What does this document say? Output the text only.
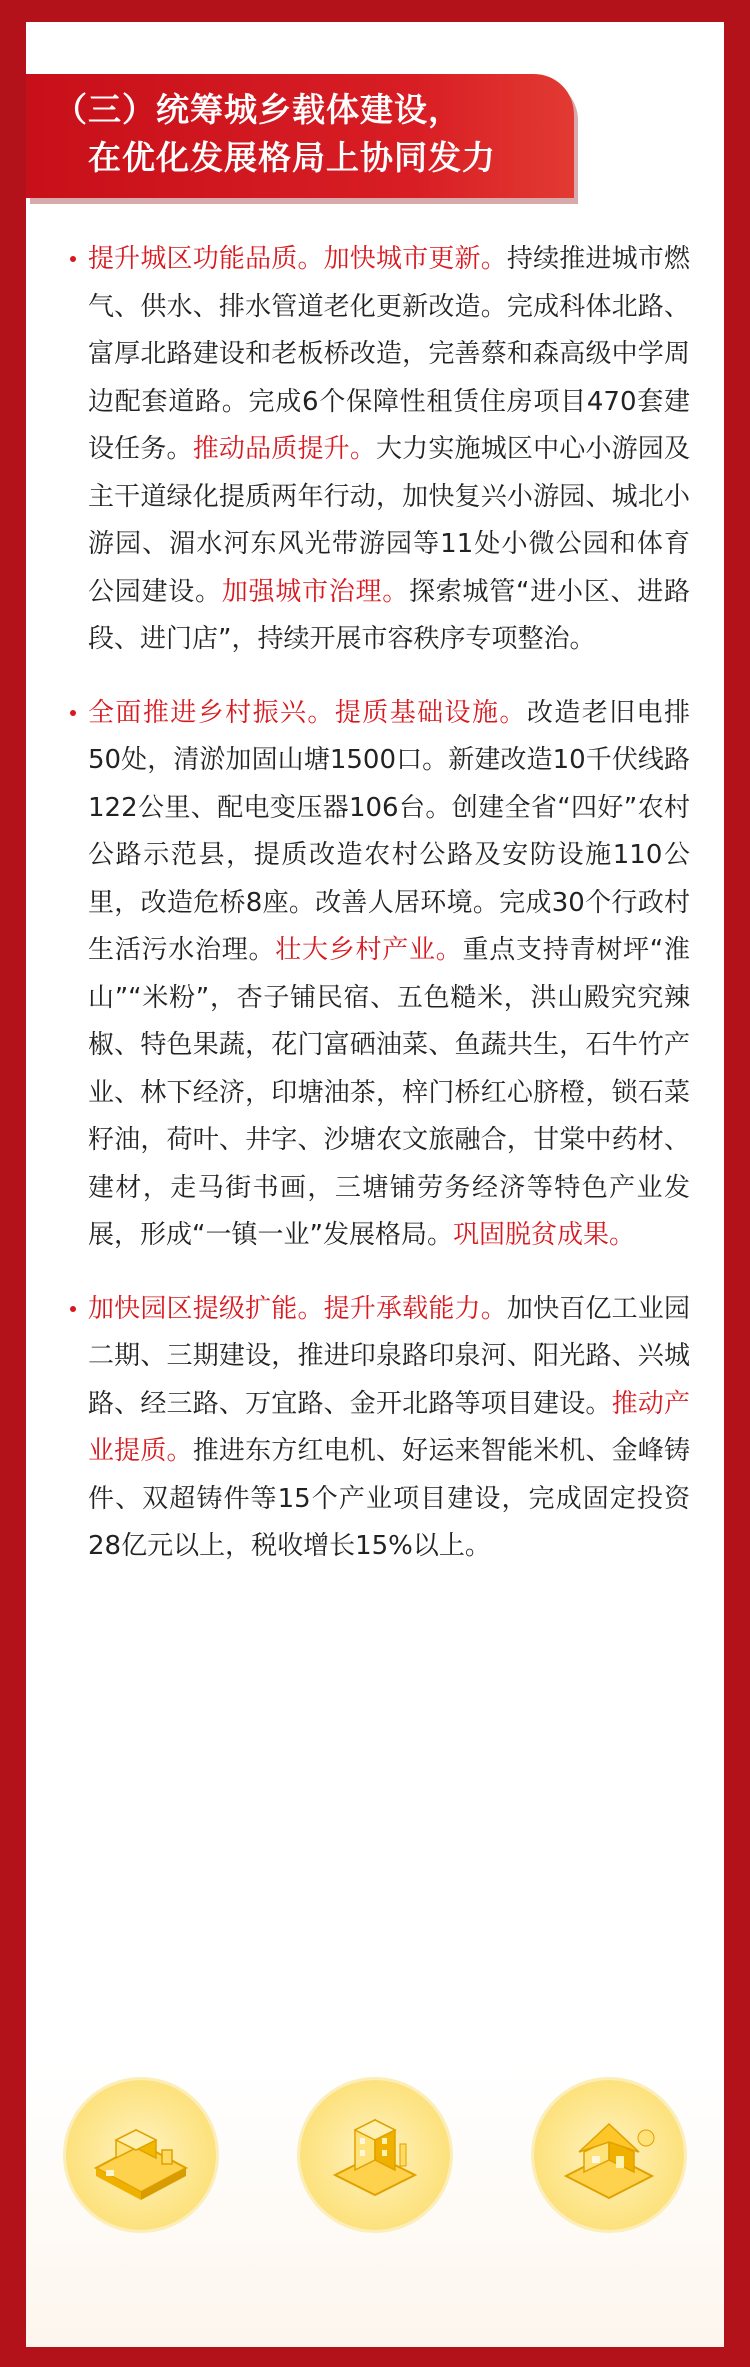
（三）统筹城乡载体建设，
在优化发展格局上协同发力
提升城区功能品质。加快城市更新。持续推进城市燃气、供水、排水管道老化更新改造。完成科体北路、富厚北路建设和老板桥改造，完善蔡和森高级中学周边配套道路。完成6个保障性租赁住房项目470套建设任务。推动品质提升。大力实施城区中心小游园及主干道绿化提质两年行动，加快复兴小游园、城北小游园、湄水河东风光带游园等11处小微公园和体育公园建设。加强城市治理。探索城管“进小区、进路段、进门店”，持续开展市容秩序专项整治。
全面推进乡村振兴。提质基础设施。改造老旧电排50处，清淤加固山塘1500口。新建改造10千伏线路122公里、配电变压器106台。创建全省“四好”农村公路示范县，提质改造农村公路及安防设施110公里，改造危桥8座。改善人居环境。完成30个行政村生活污水治理。壮大乡村产业。重点支持青树坪“淮山”“米粉”，杏子铺民宿、五色糙米，洪山殿究究辣椒、特色果蔬，花门富硒油菜、鱼蔬共生，石牛竹产业、林下经济，印塘油茶，梓门桥红心脐橙，锁石菜籽油，荷叶、井字、沙塘农文旅融合，甘棠中药材、建材，走马街书画，三塘铺劳务经济等特色产业发展，形成“一镇一业”发展格局。巩固脱贫成果。
加快园区提级扩能。提升承载能力。加快百亿工业园二期、三期建设，推进印泉路印泉河、阳光路、兴城路、经三路、万宜路、金开北路等项目建设。推动产业提质。推进东方红电机、好运来智能米机、金峰铸件、双超铸件等15个产业项目建设，完成固定投资28亿元以上，税收增长15%以上。
